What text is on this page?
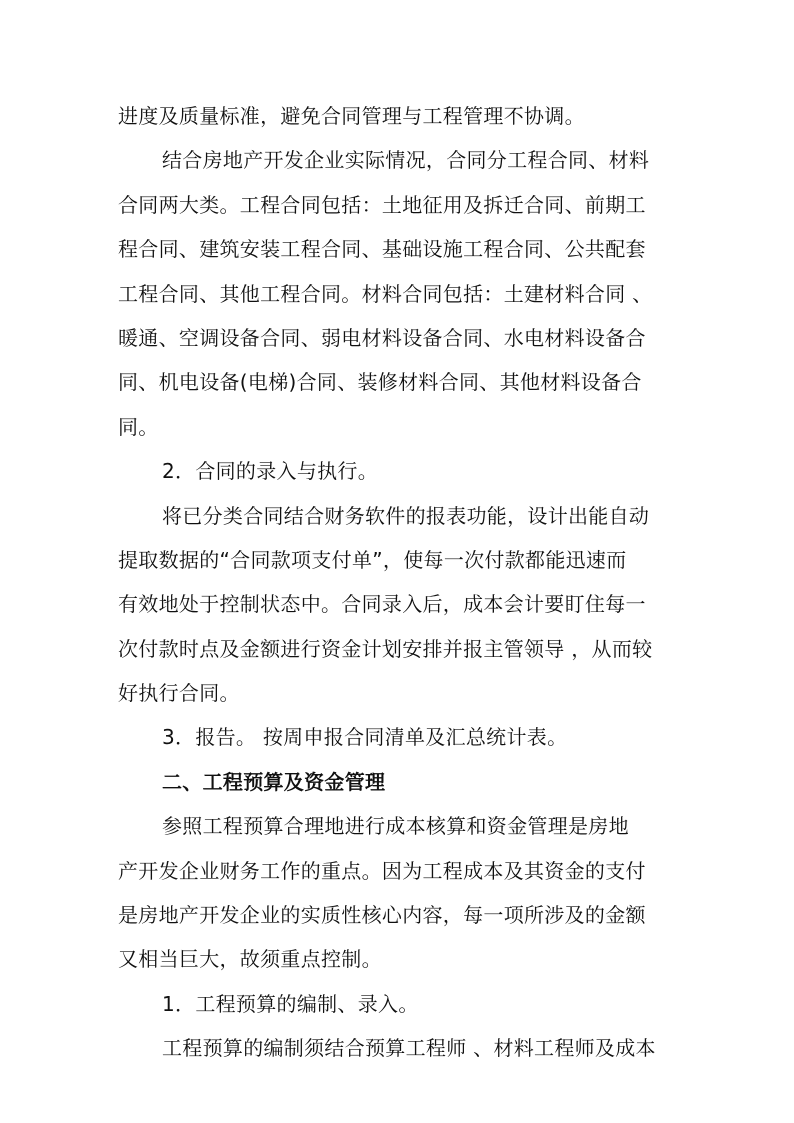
进度及质量标准，避免合同管理与工程管理不协调。
结合房地产开发企业实际情况，合同分工程合同、材料
合同两大类。工程合同包括：土地征用及拆迁合同、前期工
程合同、建筑安装工程合同、基础设施工程合同、公共配套
工程合同、其他工程合同。材料合同包括：土建材料合同 、
暖通、空调设备合同、弱电材料设备合同、水电材料设备合
同、机电设备(电梯)合同、装修材料合同、其他材料设备合
同。
2．合同的录入与执行。
将已分类合同结合财务软件的报表功能，设计出能自动
提取数据的“合同款项支付单”，使每一次付款都能迅速而
有效地处于控制状态中。合同录入后，成本会计要盯住每一
次付款时点及金额进行资金计划安排并报主管领导 ，从而较
好执行合同。
3．报告。 按周申报合同清单及汇总统计表。
二、工程预算及资金管理
参照工程预算合理地进行成本核算和资金管理是房地
产开发企业财务工作的重点。因为工程成本及其资金的支付
是房地产开发企业的实质性核心内容，每一项所涉及的金额
又相当巨大，故须重点控制。
1．工程预算的编制、录入。
工程预算的编制须结合预算工程师 、材料工程师及成本
